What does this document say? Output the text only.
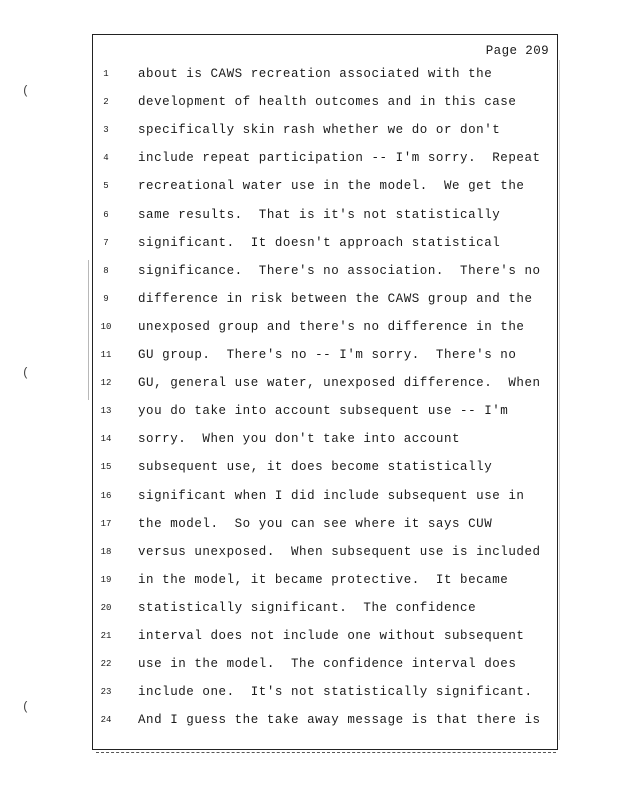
Page 209
1	about is CAWS recreation associated with the
2	development of health outcomes and in this case
3	specifically skin rash whether we do or don't
4	include repeat participation -- I'm sorry.  Repeat
5	recreational water use in the model.  We get the
6	same results.  That is it's not statistically
7	significant.  It doesn't approach statistical
8	significance.  There's no association.  There's no
9	difference in risk between the CAWS group and the
10 unexposed group and there's no difference in the
11 GU group.  There's no -- I'm sorry.  There's no
12 GU, general use water, unexposed difference.  When
13 you do take into account subsequent use -- I'm
14 sorry.  When you don't take into account
15 subsequent use, it does become statistically
16 significant when I did include subsequent use in
17 the model.  So you can see where it says CUW
18 versus unexposed.  When subsequent use is included
19 in the model, it became protective.  It became
20 statistically significant.  The confidence
21 interval does not include one without subsequent
22 use in the model.  The confidence interval does
23 include one.  It's not statistically significant.
24 And I guess the take away message is that there is
(
(
(
